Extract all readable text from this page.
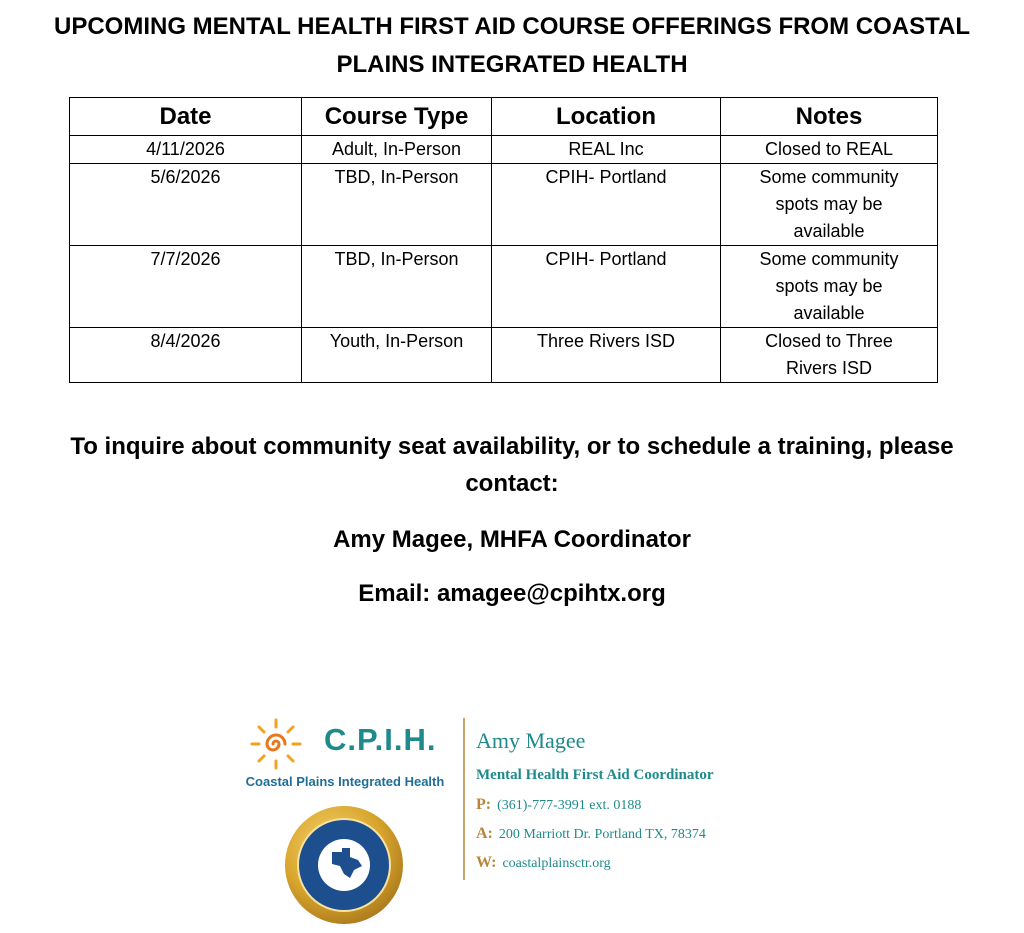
UPCOMING MENTAL HEALTH FIRST AID COURSE OFFERINGS FROM COASTAL
PLAINS INTEGRATED HEALTH
Date	Course Type	Location	Notes
4/11/2026	Adult, In-Person	REAL Inc	Closed to REAL

5/6/2026	TBD, In-Person	CPIH- Portland	Some community
spots may be
available

7/7/2026	TBD, In-Person	CPIH- Portland	Some community
spots may be
available

8/4/2026	Youth, In-Person	Three Rivers ISD	Closed to Three
Rivers ISD
To inquire about community seat availability, or to schedule a training, please
contact:
Amy Magee, MHFA Coordinator
Email: amagee@cpihtx.org
C.P.I.H.
Coastal Plains Integrated Health
Amy Magee
Mental Health First Aid Coordinator
P: (361)-777-3991 ext. 0188
A: 200 Marriott Dr. Portland TX, 78374
W: coastalplainsctr.org
